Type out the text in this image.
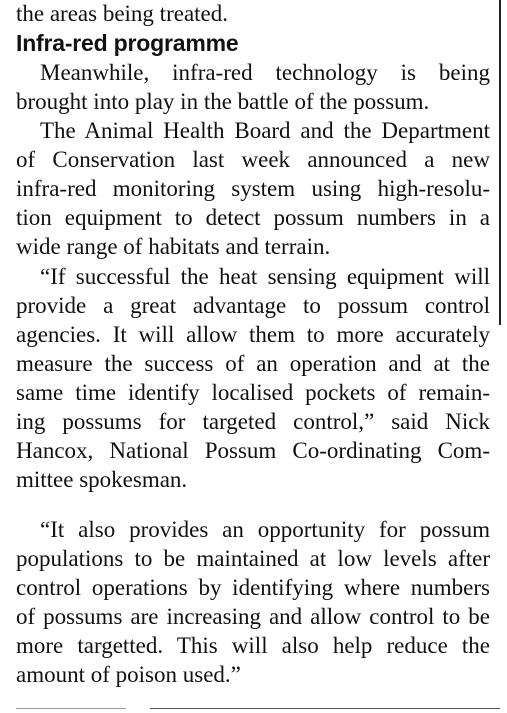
the areas being treated.
Infra-red programme
Meanwhile, infra-red technology is being
brought into play in the battle of the possum.
The Animal Health Board and the Department
of Conservation last week announced a new
infra-red monitoring system using high-resolu-
tion equipment to detect possum numbers in a
wide range of habitats and terrain.
“If successful the heat sensing equipment will
provide a great advantage to possum control
agencies. It will allow them to more accurately
measure the success of an operation and at the
same time identify localised pockets of remain-
ing possums for targeted control,” said Nick
Hancox, National Possum Co-ordinating Com-
mittee spokesman.
“It also provides an opportunity for possum
populations to be maintained at low levels after
control operations by identifying where numbers
of possums are increasing and allow control to be
more targetted. This will also help reduce the
amount of poison used.”
